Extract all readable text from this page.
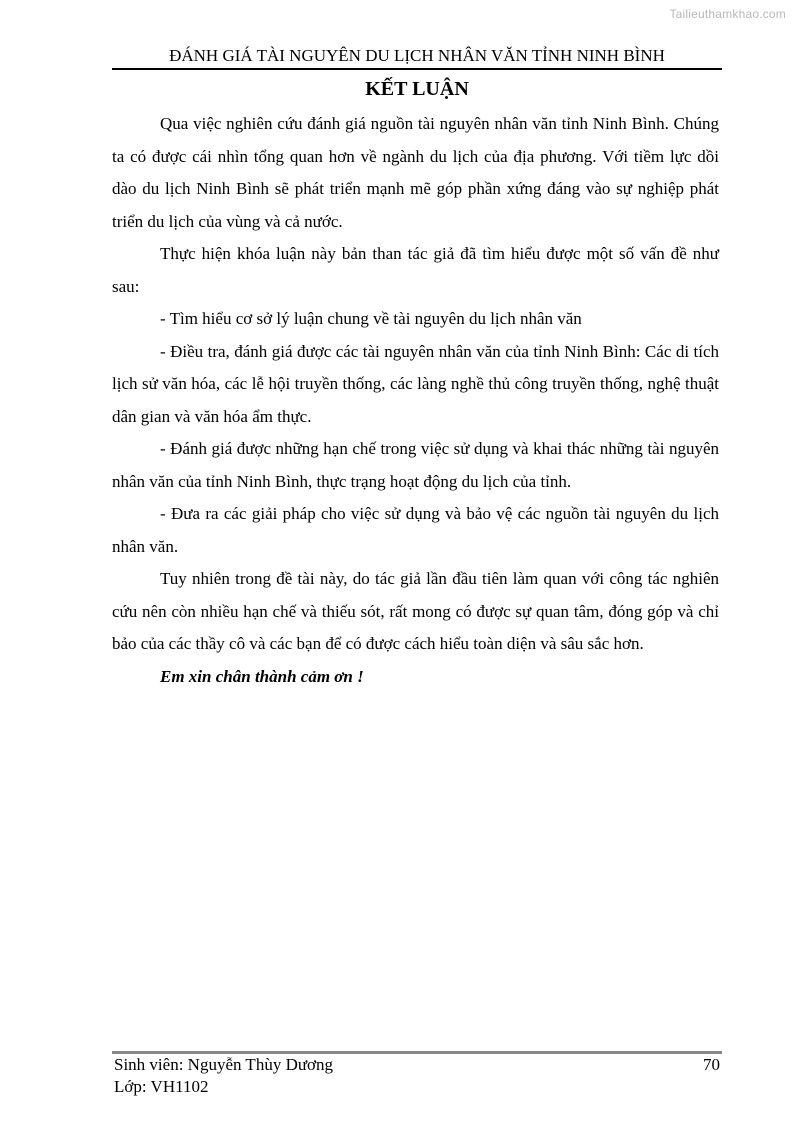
Tailieuthamkhao.com
ĐÁNH GIÁ TÀI NGUYÊN DU LỊCH NHÂN VĂN TỈNH NINH BÌNH
KẾT LUẬN

Qua việc nghiên cứu đánh giá nguồn tài nguyên nhân văn tỉnh Ninh Bình. Chúng ta có được cái nhìn tổng quan hơn về ngành du lịch của địa phương. Với tiềm lực dồi dào du lịch Ninh Bình sẽ phát triển mạnh mẽ góp phần xứng đáng vào sự nghiệp phát triển du lịch của vùng và cả nước.

Thực hiện khóa luận này bản than tác giả đã tìm hiểu được một số vấn đề như sau:

- Tìm hiểu cơ sở lý luận chung về tài nguyên du lịch nhân văn

- Điều tra, đánh giá được các tài nguyên nhân văn của tỉnh Ninh Bình: Các di tích lịch sử văn hóa, các lễ hội truyền thống, các làng nghề thủ công truyền thống, nghệ thuật dân gian và văn hóa ẩm thực.

- Đánh giá được những hạn chế trong việc sử dụng và khai thác những tài nguyên nhân văn của tỉnh Ninh Bình, thực trạng hoạt động du lịch của tỉnh.

- Đưa ra các giải pháp cho việc sử dụng và bảo vệ các nguồn tài nguyên du lịch nhân văn.

Tuy nhiên trong đề tài này, do tác giả lần đầu tiên làm quan với công tác nghiên cứu nên còn nhiều hạn chế và thiếu sót, rất mong có được sự quan tâm, đóng góp và chỉ bảo của các thầy cô và các bạn để có được cách hiểu toàn diện và sâu sắc hơn.

Em xin chân thành cảm ơn !

Sinh viên: Nguyễn Thùy Dương	70
Lớp: VH1102
